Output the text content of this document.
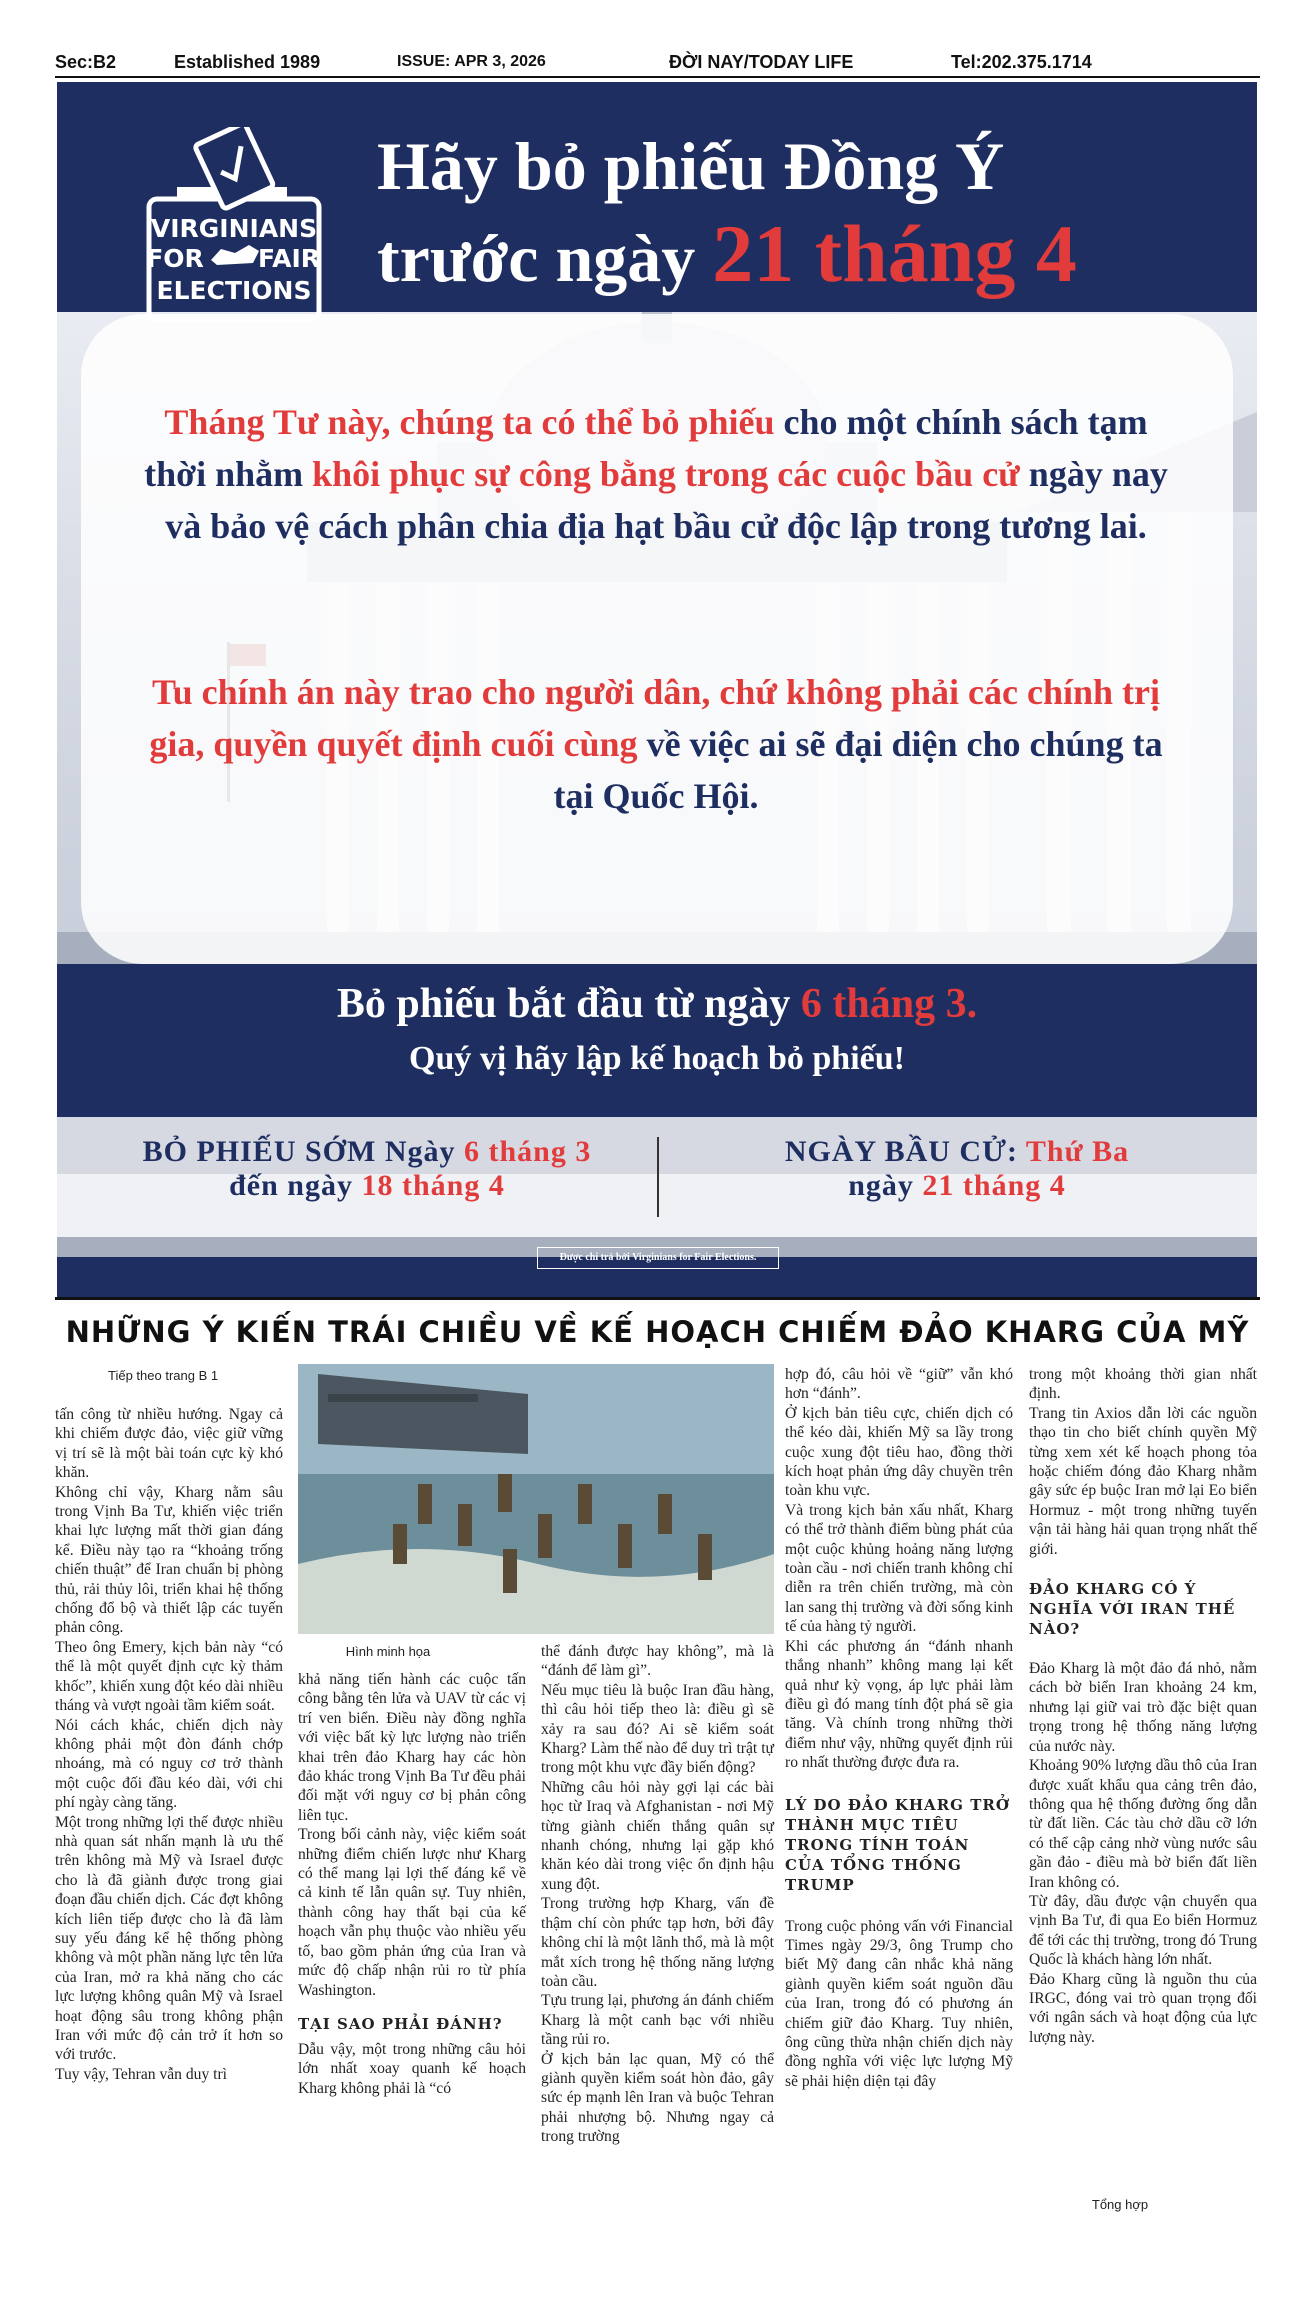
Sec:B2	Established 1989	ISSUE: APR 3, 2026	ĐỜI NAY/TODAY LIFE	Tel:202.375.1714
VIRGINIANS
FOR FAIR
ELECTIONS
Hãy bỏ phiếu Đồng Ý
trước ngày 21 tháng 4
Tháng Tư này, chúng ta có thể bỏ phiếu cho một chính sách tạm thời nhằm khôi phục sự công bằng trong các cuộc bầu cử ngày nay và bảo vệ cách phân chia địa hạt bầu cử độc lập trong tương lai.
Tu chính án này trao cho người dân, chứ không phải các chính trị gia, quyền quyết định cuối cùng về việc ai sẽ đại diện cho chúng ta tại Quốc Hội.
Bỏ phiếu bắt đầu từ ngày 6 tháng 3.
Quý vị hãy lập kế hoạch bỏ phiếu!
BỎ PHIẾU SỚM Ngày 6 tháng 3
đến ngày 18 tháng 4
NGÀY BẦU CỬ: Thứ Ba
ngày 21 tháng 4
Được chi trả bởi Virginians for Fair Elections.
NHỮNG Ý KIẾN TRÁI CHIỀU VỀ KẾ HOẠCH CHIẾM ĐẢO KHARG CỦA MỸ
Tiếp theo trang B 1

tấn công từ nhiều hướng. Ngay cả khi chiếm được đảo, việc giữ vững vị trí sẽ là một bài toán cực kỳ khó khăn.

Không chỉ vậy, Kharg nằm sâu trong Vịnh Ba Tư, khiến việc triển khai lực lượng mất thời gian đáng kể. Điều này tạo ra “khoảng trống chiến thuật” để Iran chuẩn bị phòng thủ, rải thủy lôi, triển khai hệ thống chống đổ bộ và thiết lập các tuyến phản công.

Theo ông Emery, kịch bản này “có thể là một quyết định cực kỳ thảm khốc”, khiến xung đột kéo dài nhiều tháng và vượt ngoài tầm kiểm soát.

Nói cách khác, chiến dịch này không phải một đòn đánh chớp nhoáng, mà có nguy cơ trở thành một cuộc đối đầu kéo dài, với chi phí ngày càng tăng.

Một trong những lợi thế được nhiều nhà quan sát nhấn mạnh là ưu thế trên không mà Mỹ và Israel được cho là đã giành được trong giai đoạn đầu chiến dịch. Các đợt không kích liên tiếp được cho là đã làm suy yếu đáng kể hệ thống phòng không và một phần năng lực tên lửa của Iran, mở ra khả năng cho các lực lượng không quân Mỹ và Israel hoạt động sâu trong không phận Iran với mức độ cản trở ít hơn so với trước.

Tuy vậy, Tehran vẫn duy trì

Hình minh họa

khả năng tiến hành các cuộc tấn công bằng tên lửa và UAV từ các vị trí ven biển. Điều này đồng nghĩa với việc bất kỳ lực lượng nào triển khai trên đảo Kharg hay các hòn đảo khác trong Vịnh Ba Tư đều phải đối mặt với nguy cơ bị phản công liên tục.

Trong bối cảnh này, việc kiểm soát những điểm chiến lược như Kharg có thể mang lại lợi thế đáng kể về cả kinh tế lẫn quân sự. Tuy nhiên, thành công hay thất bại của kế hoạch vẫn phụ thuộc vào nhiều yếu tố, bao gồm phản ứng của Iran và mức độ chấp nhận rủi ro từ phía Washington.

TẠI SAO PHẢI ĐÁNH?

Dẫu vậy, một trong những câu hỏi lớn nhất xoay quanh kế hoạch Kharg không phải là “có

thể đánh được hay không”, mà là “đánh để làm gì”.

Nếu mục tiêu là buộc Iran đầu hàng, thì câu hỏi tiếp theo là: điều gì sẽ xảy ra sau đó? Ai sẽ kiểm soát Kharg? Làm thế nào để duy trì trật tự trong một khu vực đầy biến động?

Những câu hỏi này gợi lại các bài học từ Iraq và Afghanistan - nơi Mỹ từng giành chiến thắng quân sự nhanh chóng, nhưng lại gặp khó khăn kéo dài trong việc ổn định hậu xung đột.

Trong trường hợp Kharg, vấn đề thậm chí còn phức tạp hơn, bởi đây không chỉ là một lãnh thổ, mà là một mắt xích trong hệ thống năng lượng toàn cầu.

Tựu trung lại, phương án đánh chiếm Kharg là một canh bạc với nhiều tầng rủi ro.

Ở kịch bản lạc quan, Mỹ có thể giành quyền kiểm soát hòn đảo, gây sức ép mạnh lên Iran và buộc Tehran phải nhượng bộ. Nhưng ngay cả trong trường

hợp đó, câu hỏi về “giữ” vẫn khó hơn “đánh”.

Ở kịch bản tiêu cực, chiến dịch có thể kéo dài, khiến Mỹ sa lầy trong cuộc xung đột tiêu hao, đồng thời kích hoạt phản ứng dây chuyền trên toàn khu vực.

Và trong kịch bản xấu nhất, Kharg có thể trở thành điểm bùng phát của một cuộc khủng hoảng năng lượng toàn cầu - nơi chiến tranh không chỉ diễn ra trên chiến trường, mà còn lan sang thị trường và đời sống kinh tế của hàng tỷ người.

Khi các phương án “đánh nhanh thắng nhanh” không mang lại kết quả như kỳ vọng, áp lực phải làm điều gì đó mang tính đột phá sẽ gia tăng. Và chính trong những thời điểm như vậy, những quyết định rủi ro nhất thường được đưa ra.

LÝ DO ĐẢO KHARG TRỞ THÀNH MỤC TIÊU TRONG TÍNH TOÁN CỦA TỔNG THỐNG TRUMP

Trong cuộc phỏng vấn với Financial Times ngày 29/3, ông Trump cho biết Mỹ đang cân nhắc khả năng giành quyền kiểm soát nguồn dầu của Iran, trong đó có phương án chiếm giữ đảo Kharg. Tuy nhiên, ông cũng thừa nhận chiến dịch này đồng nghĩa với việc lực lượng Mỹ sẽ phải hiện diện tại đây

trong một khoảng thời gian nhất định.

Trang tin Axios dẫn lời các nguồn thạo tin cho biết chính quyền Mỹ từng xem xét kế hoạch phong tỏa hoặc chiếm đóng đảo Kharg nhằm gây sức ép buộc Iran mở lại Eo biển Hormuz - một trong những tuyến vận tải hàng hải quan trọng nhất thế giới.

ĐẢO KHARG CÓ Ý NGHĨA VỚI IRAN THẾ NÀO?

Đảo Kharg là một đảo đá nhỏ, nằm cách bờ biển Iran khoảng 24 km, nhưng lại giữ vai trò đặc biệt quan trọng trong hệ thống năng lượng của nước này.

Khoảng 90% lượng dầu thô của Iran được xuất khẩu qua cảng trên đảo, thông qua hệ thống đường ống dẫn từ đất liền. Các tàu chở dầu cỡ lớn có thể cập cảng nhờ vùng nước sâu gần đảo - điều mà bờ biển đất liền Iran không có.

Từ đây, dầu được vận chuyển qua vịnh Ba Tư, đi qua Eo biển Hormuz để tới các thị trường, trong đó Trung Quốc là khách hàng lớn nhất.

Đảo Kharg cũng là nguồn thu của IRGC, đóng vai trò quan trọng đối với ngân sách và hoạt động của lực lượng này.

Tổng hợp
